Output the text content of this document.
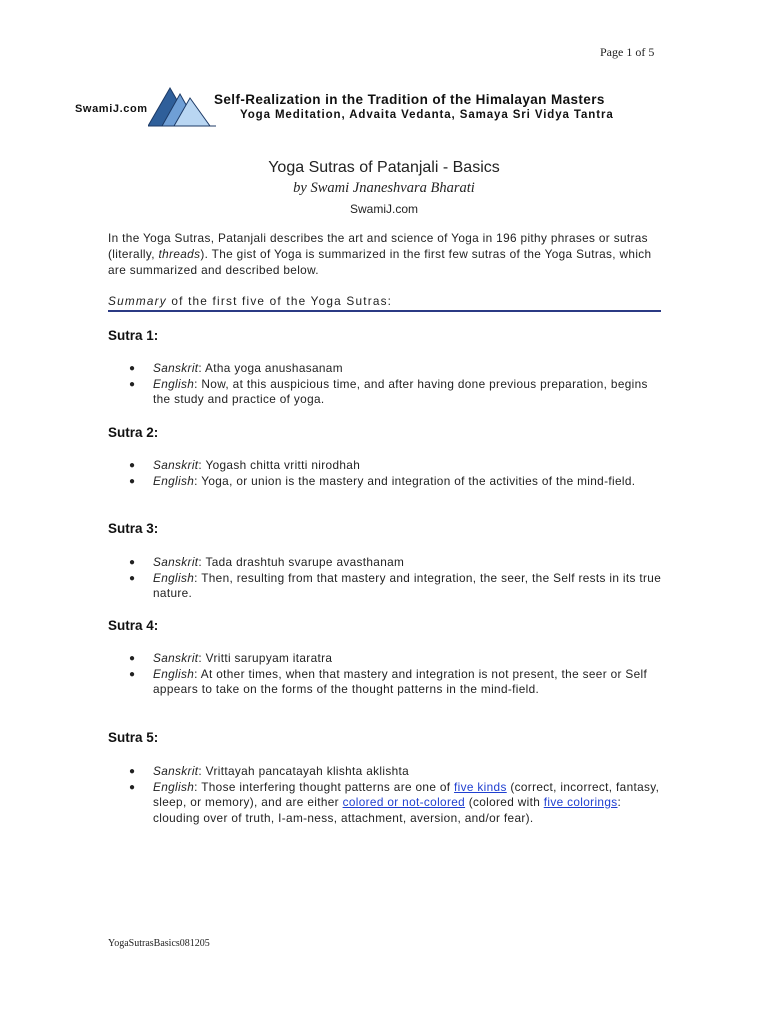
Page 1 of 5
SwamiJ.com
Self-Realization in the Tradition of the Himalayan Masters
Yoga Meditation, Advaita Vedanta, Samaya Sri Vidya Tantra
Yoga Sutras of Patanjali - Basics
by Swami Jnaneshvara Bharati
SwamiJ.com
In the Yoga Sutras, Patanjali describes the art and science of Yoga in 196 pithy phrases or sutras (literally, threads). The gist of Yoga is summarized in the first few sutras of the Yoga Sutras, which are summarized and described below.
Summary of the first five of the Yoga Sutras:
Sutra 1:
● Sanskrit: Atha yoga anushasanam
● English: Now, at this auspicious time, and after having done previous preparation, begins the study and practice of yoga.
Sutra 2:
● Sanskrit: Yogash chitta vritti nirodhah
● English: Yoga, or union is the mastery and integration of the activities of the mind-field.
Sutra 3:
● Sanskrit: Tada drashtuh svarupe avasthanam
● English: Then, resulting from that mastery and integration, the seer, the Self rests in its true nature.
Sutra 4:
● Sanskrit: Vritti sarupyam itaratra
● English: At other times, when that mastery and integration is not present, the seer or Self appears to take on the forms of the thought patterns in the mind-field.
Sutra 5:
● Sanskrit: Vrittayah pancatayah klishta aklishta
● English: Those interfering thought patterns are one of five kinds (correct, incorrect, fantasy, sleep, or memory), and are either colored or not-colored (colored with five colorings: clouding over of truth, I-am-ness, attachment, aversion, and/or fear).
YogaSutrasBasics081205
